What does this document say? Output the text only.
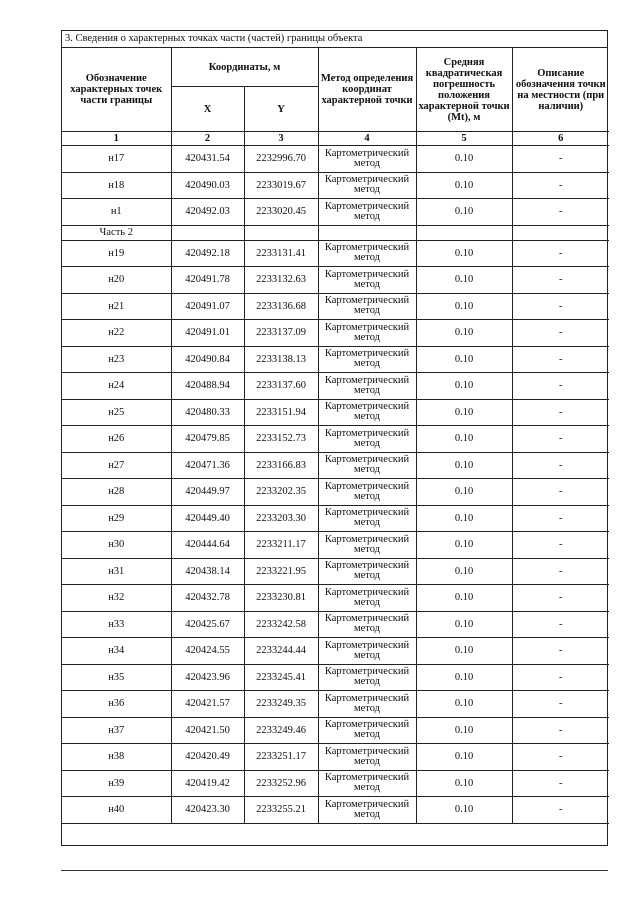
3. Сведения о характерных точках части (частей) границы объекта
Обозначение характерных точек части границы	Координаты, м		Метод определения координат характерной точки	Средняя квадратическая погрешность положения характерной точки (Mt), м	Описание обозначения точки на местности (при наличии)
	X	Y			
1	2	3	4	5	6
н17	420431.54	2232996.70	Картометрический метод	0.10	-
н18	420490.03	2233019.67	Картометрический метод	0.10	-
н1	420492.03	2233020.45	Картометрический метод	0.10	-
Часть 2					
н19	420492.18	2233131.41	Картометрический метод	0.10	-
н20	420491.78	2233132.63	Картометрический метод	0.10	-
н21	420491.07	2233136.68	Картометрический метод	0.10	-
н22	420491.01	2233137.09	Картометрический метод	0.10	-
н23	420490.84	2233138.13	Картометрический метод	0.10	-
н24	420488.94	2233137.60	Картометрический метод	0.10	-
н25	420480.33	2233151.94	Картометрический метод	0.10	-
н26	420479.85	2233152.73	Картометрический метод	0.10	-
н27	420471.36	2233166.83	Картометрический метод	0.10	-
н28	420449.97	2233202.35	Картометрический метод	0.10	-
н29	420449.40	2233203.30	Картометрический метод	0.10	-
н30	420444.64	2233211.17	Картометрический метод	0.10	-
н31	420438.14	2233221.95	Картометрический метод	0.10	-
н32	420432.78	2233230.81	Картометрический метод	0.10	-
н33	420425.67	2233242.58	Картометрический метод	0.10	-
н34	420424.55	2233244.44	Картометрический метод	0.10	-
н35	420423.96	2233245.41	Картометрический метод	0.10	-
н36	420421.57	2233249.35	Картометрический метод	0.10	-
н37	420421.50	2233249.46	Картометрический метод	0.10	-
н38	420420.49	2233251.17	Картометрический метод	0.10	-
н39	420419.42	2233252.96	Картометрический метод	0.10	-
н40	420423.30	2233255.21	Картометрический метод	0.10	-
